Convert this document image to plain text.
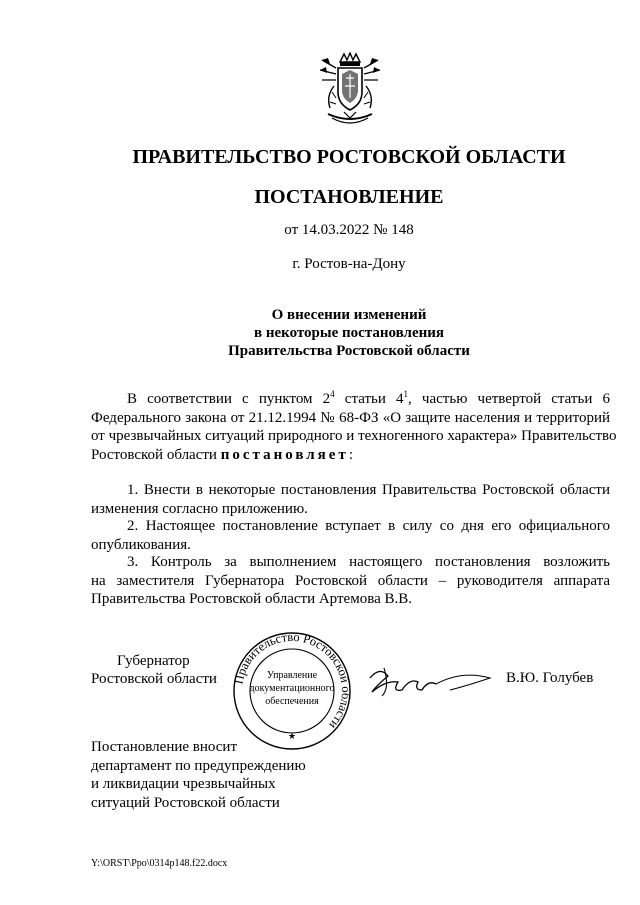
ПРАВИТЕЛЬСТВО РОСТОВСКОЙ ОБЛАСТИ
ПОСТАНОВЛЕНИЕ
от 14.03.2022 № 148
г. Ростов-на-Дону
О внесении изменений
в некоторые постановления
Правительства Ростовской области
В соответствии с пунктом $2^4$ статьи $4^1$, частью четвертой статьи 6
Федерального закона от 21.12.1994 № 68-ФЗ «О защите населения и территорий
от чрезвычайных ситуаций природного и техногенного характера» Правительство
Ростовской области постановляет:
1. Внести в некоторые постановления Правительства Ростовской области
изменения согласно приложению.
2. Настоящее постановление вступает в силу со дня его официального
опубликования.
3. Контроль за выполнением настоящего постановления возложить
на заместителя Губернатора Ростовской области – руководителя аппарата
Правительства Ростовской области Артемова В.В.
Губернатор
Ростовской области Правительство Ростовской области
Управление
документационного
обеспечения
★
В.Ю. Голубев
Постановление вносит
департамент по предупреждению
и ликвидации чрезвычайных
ситуаций Ростовской области
Y:\ORST\Ppo\0314p148.f22.docx
